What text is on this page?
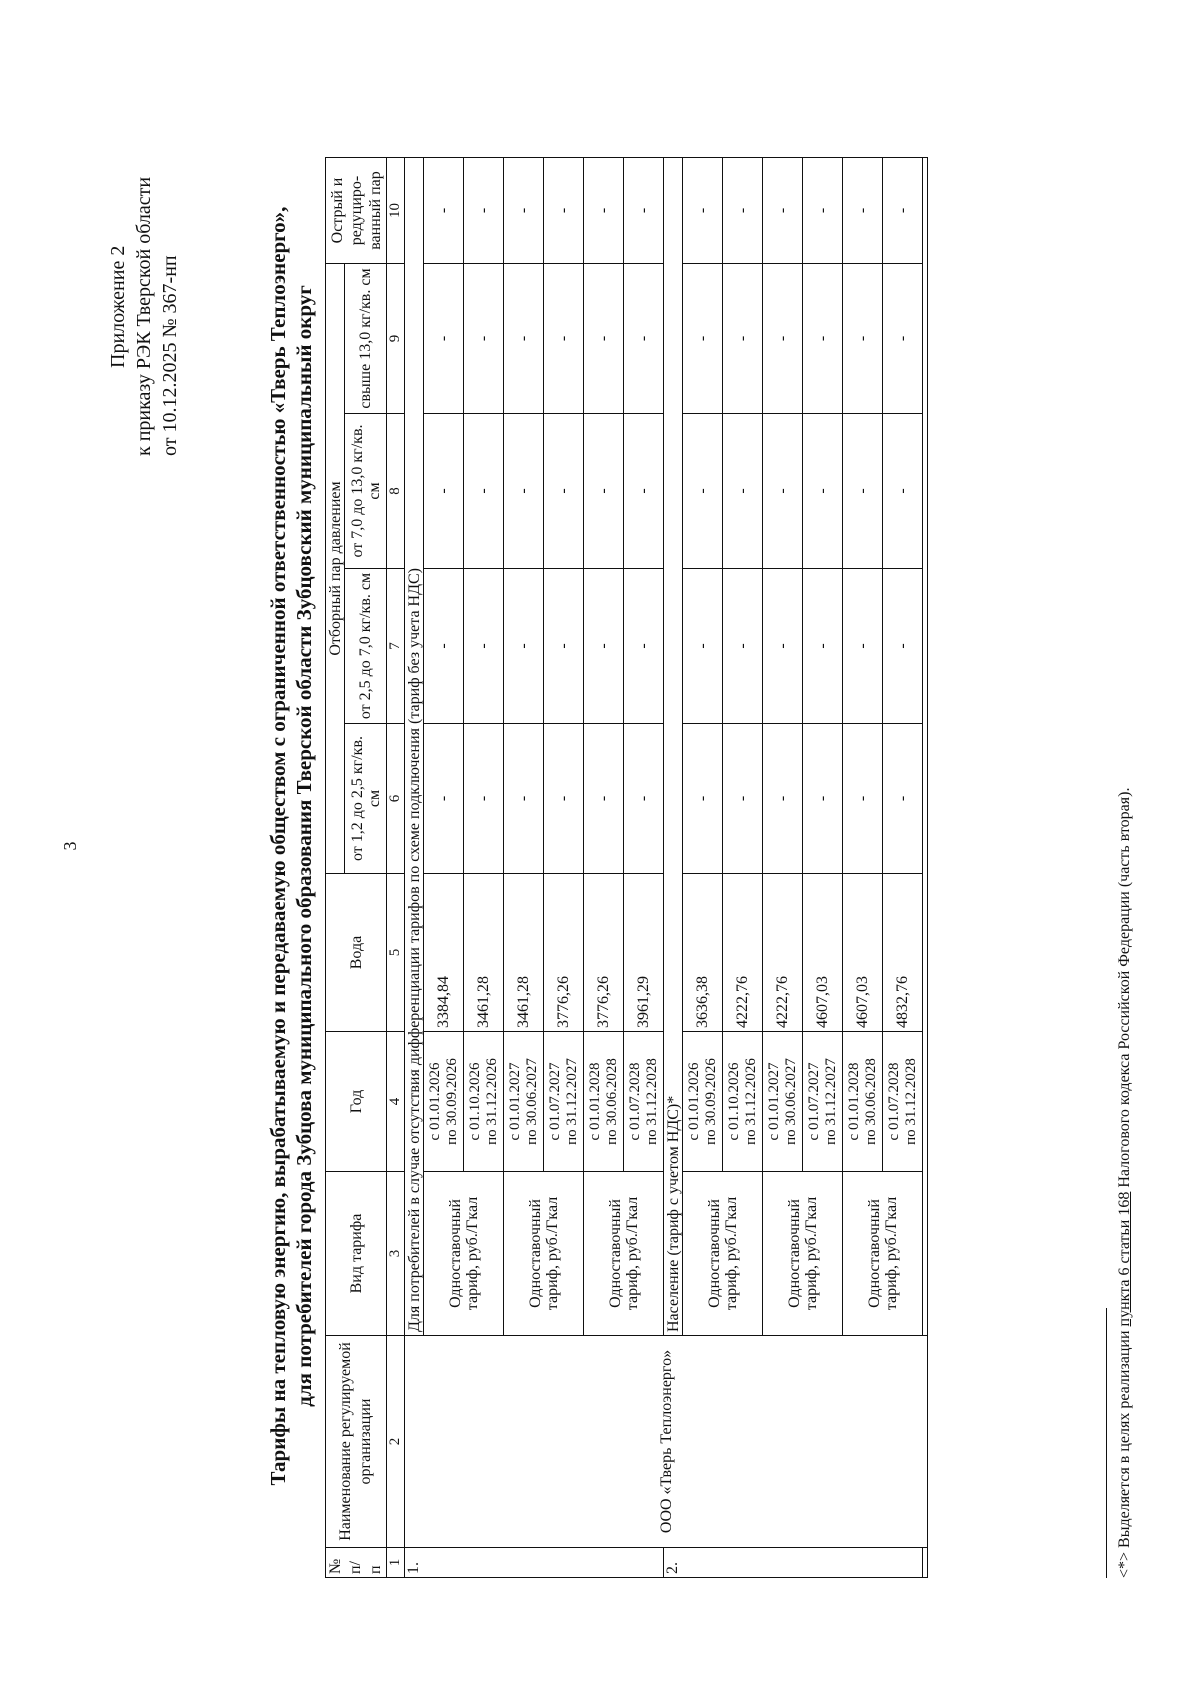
3
Приложение 2 к приказу РЭК Тверской области от 10.12.2025 № 367-нп	Тарифы на тепловую энергию, вырабатываемую и передаваемую обществом с ограниченной ответственностью «Тверь Теплоэнерго», для потребителей города Зубцова муниципального образования Тверской области Зубцовский муниципальный округ
№ п/ п	Наименование регулируемой организации	Вид тарифа	Год	Вода	Отборный пар давлением				Острый и редуциро-ванный пар
					от 1,2 до 2,5 кг/кв. см	от 2,5 до 7,0 кг/кв. см	от 7,0 до 13,0 кг/кв. см	свыше 13,0 кг/кв. см	
1	2	3	4	5	6	7	8	9	10
1.	ООО «Тверь Теплоэнерго»	Для потребителей в случае отсутствия дифференциации тарифов по схеме подключения (тариф без учета НДС)							
		Одноставочный тариф, руб./Гкал	с 01.01.2026 по 30.09.2026	3384,84	-	-	-	-	-

			с 01.10.2026 по 31.12.2026	3461,28	-	-	-	-	-
		Одноставочный тариф, руб./Гкал	с 01.01.2027 по 30.06.2027	3461,28	-	-	-	-	-

			с 01.07.2027 по 31.12.2027	3776,26	-	-	-	-	-
		Одноставочный тариф, руб./Гкал	с 01.01.2028 по 30.06.2028	3776,26	-	-	-	-	-

			с 01.07.2028 по 31.12.2028	3961,29	-	-	-	-	-
2.		Население (тариф с учетом НДС)*							
		Одноставочный тариф, руб./Гкал	с 01.01.2026 по 30.09.2026	3636,38	-	-	-	-	-

			с 01.10.2026 по 31.12.2026	4222,76	-	-	-	-	-
		Одноставочный тариф, руб./Гкал	с 01.01.2027 по 30.06.2027	4222,76	-	-	-	-	-

			с 01.07.2027 по 31.12.2027	4607,03	-	-	-	-	-
		Одноставочный тариф, руб./Гкал	с 01.01.2028 по 30.06.2028	4607,03	-	-	-	-	-

			с 01.07.2028 по 31.12.2028	4832,76	-	-	-	-	-

<*> Выделяется в целях реализации пункта 6 статьи 168 Налогового кодекса Российской Федерации (часть вторая).
